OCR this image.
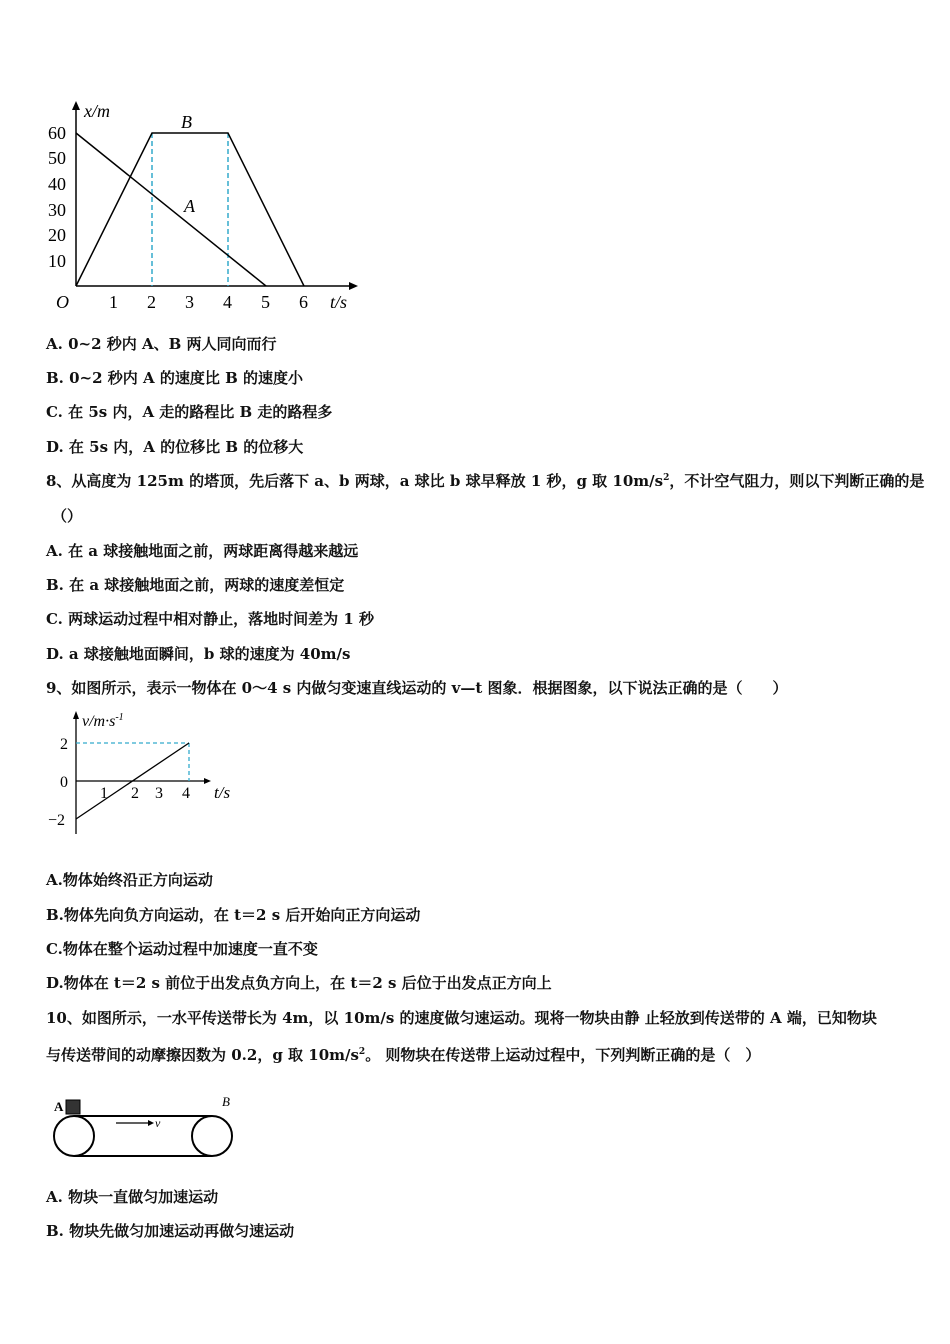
x/m
t/s
O
60
50
40
30
20
10
1 2 3 4 5 6
B
A
A. 0~2 秒内 A、B 两人同向而行
B. 0~2 秒内 A 的速度比 B 的速度小
C. 在 5s 内，A 走的路程比 B 走的路程多
D. 在 5s 内，A 的位移比 B 的位移大
8、从高度为 125m 的塔顶，先后落下 a、b 两球，a 球比 b 球早释放 1 秒，g 取 $10m/s^2$，不计空气阻力，则以下判断正确的是
（）
A. 在 a 球接触地面之前，两球距离得越来越远
B. 在 a 球接触地面之前，两球的速度差恒定
C. 两球运动过程中相对静止，落地时间差为 1 秒
D. a 球接触地面瞬间，b 球的速度为 40m/s
9、如图所示，表示一物体在 0～4 s 内做匀变速直线运动的 v—t 图象．根据图象，以下说法正确的是（　　）
$v/m\cdot s^{-1}$
t/s
2
0
−2
1 2 3 4
A.物体始终沿正方向运动
B.物体先向负方向运动，在 t＝2 s 后开始向正方向运动
C.物体在整个运动过程中加速度一直不变
D.物体在 t＝2 s 前位于出发点负方向上，在 t＝2 s 后位于出发点正方向上
10、如图所示，一水平传送带长为 4m，以 10m/s 的速度做匀速运动。现将一物块由静 止轻放到传送带的 A 端，已知物块
与传送带间的动摩擦因数为 0.2，g 取 $10m/s^2$。 则物块在传送带上运动过程中，下列判断正确的是（　）
A	B
v
A. 物块一直做匀加速运动
B. 物块先做匀加速运动再做匀速运动
